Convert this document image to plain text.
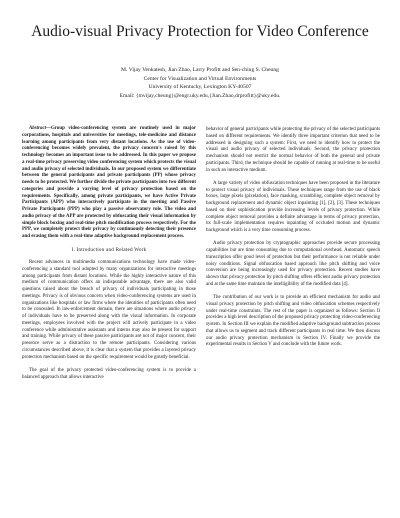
Audio-visual Privacy Protection for Video Conference
M. Vijay Venkatesh, Jian Zhao, Larry Profitt and Sen-ching S. Cheung
Center for Visualization and Virtual Environments
University of Kentucky, Lexington KY-40507
Email: {mvijay,cheung}@engr.uky.edu,{Jian.Zhao,drprofitt}@uky.edu.

Abstract—Group video-conferencing system are routinely used in major corporations, hospitals and universities for meetings, tele-medicine and distance learning among participants from very distant locations. As the use of video-conferencing becomes widely prevalent, the privacy concern's raised by this technology becomes an important issue to be addressed. In this paper we propose a real-time privacy preserving video conferencing system which protects the visual and audio privacy of selected individuals. In our proposed system we differentiate between the general participants and private participants (PP) whose privacy needs to be protected. We further divide the private participants into two different categories and provide a varying level of privacy protection based on the requirements. Specifically, among private participants, we have Active Private Participants (APP) who interactively participate in the meeting and Passive Private Participants (PPP) who play a passive observatory role. The video and audio privacy of the APP are protected by obfuscating their visual information by simple block boxing and real-time pitch modification process respectively. For the PPP, we completely protect their privacy by continuously detecting their presence and erasing them with a real-time adaptive background replacement process.

I. Introduction and Related Work

Recent advances in multimedia communications technology have made video-conferencing a standard tool adopted by many organizations for interactive meetings among participants from distant locations. While the highly interactive nature of this medium of communication offers an indisputable advantage, there are also valid questions raised about the breach of privacy of individuals participating in those meetings. Privacy is of obvious concern when video-conferencing systems are used in organizations like hospitals or law firms where the identities of participants often need to be concealed. In law-enforcement domain, there are situations where audio privacy of individuals have to be preserved along with the visual information. In corporate meetings, employees involved with the project will actively participate in a video conference while administrative assistants and interns may also be present for support and training. While privacy of these passive participants are not of major concern, their presence serve as a distraction to the remote participants. Considering various circumstances described above, it is clear that a system that provides a layered privacy protection mechanism based on the specific requirement would be greatly beneficial.

The goal of the privacy protected video-conferencing system is to provide a balanced approach that allows interactive

behavior of general participants while protecting the privacy of the selected participants based on different requirements. We identify three important criterion that need to be addressed in designing such a system: First, we need to identify how to protect the visual and audio privacy of selected individuals. Second, the privacy protection mechanism should not restrict the normal behavior of both the general and private participants. Third, the technique should be capable of running at real-time to be useful in such an interactive medium.

A large variety of video obfuscation techniques have been proposed in the literature to protect visual privacy of individuals. These techniques range from the use of black boxes, large pixels (pixelation), face masking, scrambling, complete object removal by background replacement and dynamic object inpainting [1], [2], [3]. These techniques based on their sophistication provide increasing levels of privacy protection. While complete object removal provides a definite advantage in terms of privacy protection, its full-scale implementation requires inpainting of occluded motion and dynamic background which is a very time consuming process.

Audio privacy protection by cryptographic approaches provide secure processing capabilities but are time consuming due to computational overhead. Automatic speech transcription offer good level of protection but their performance is not reliable under noisy conditions. Signal obfuscation based approach like pitch shifting and voice conversion are being increasingly used for privacy protection. Recent studies have shown that privacy protection by pitch shifting offers efficient audio privacy protection and at the same time maintain the intelligibility of the modified data [4].

The contribution of our work is to provide an efficient mechanism for audio and visual privacy protection by pitch shifting and video obfuscation schemes respectively under real-time constraints. The rest of the paper is organized as follows: Section II provides a high level description of the proposed privacy protecting video-conferencing system. In Section III we explain the modified adaptive background subtraction process that allows us to segment and track different participants in real time. We then discuss our audio privacy protection mechanism in Section IV. Finally we provide the experimental results in Section V and conclude with the future work.
